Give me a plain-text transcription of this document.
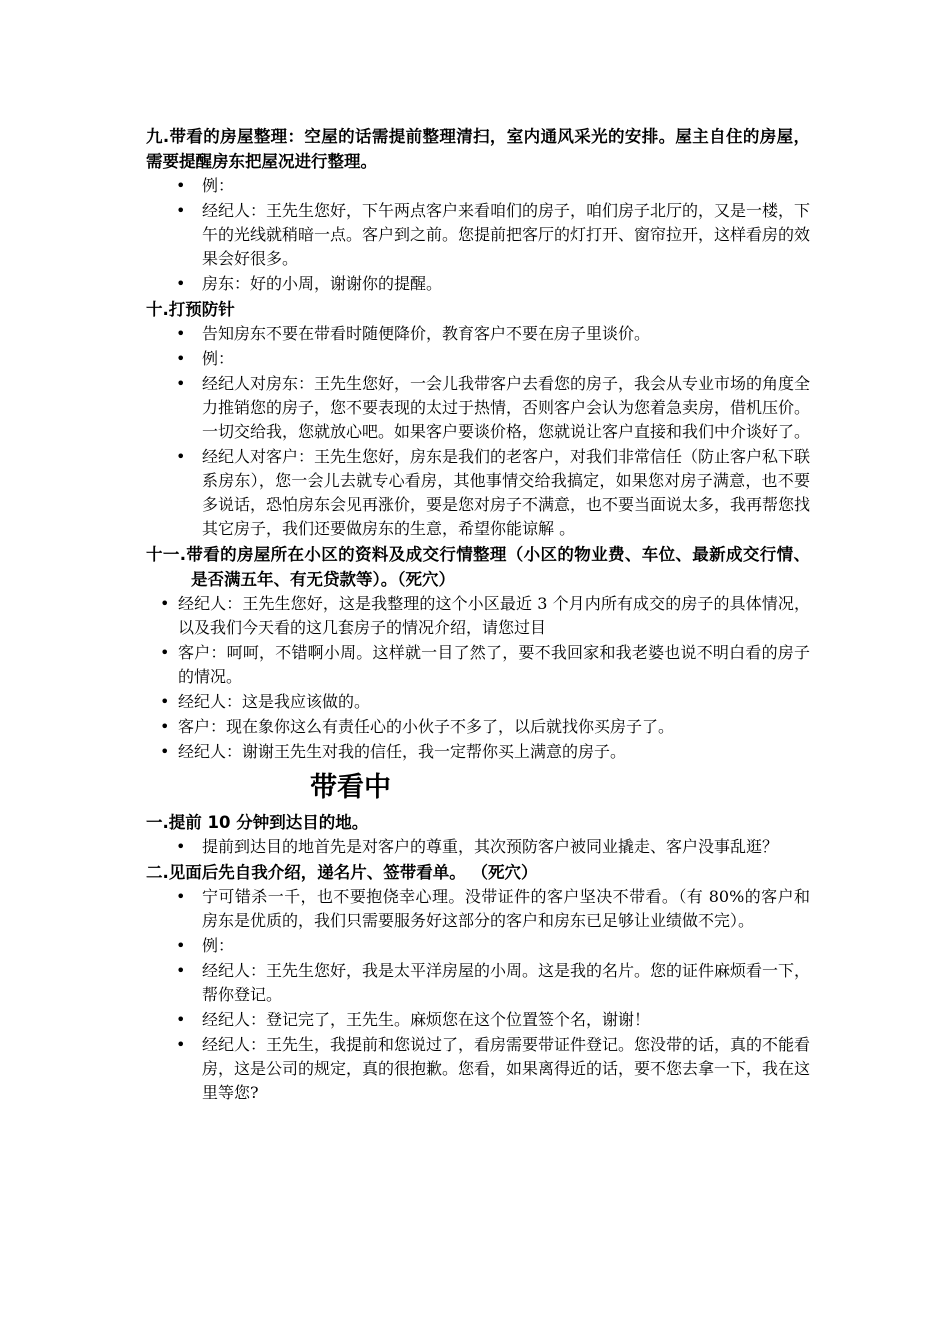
九.带看的房屋整理：空屋的话需提前整理清扫，室内通风采光的安排。屋主自住的房屋，需要提醒房东把屋况进行整理。

• 例：
• 经纪人：王先生您好，下午两点客户来看咱们的房子，咱们房子北厅的，又是一楼，下午的光线就稍暗一点。客户到之前。您提前把客厅的灯打开、窗帘拉开，这样看房的效果会好很多。
• 房东：好的小周，谢谢你的提醒。

十.打预防针

• 告知房东不要在带看时随便降价，教育客户不要在房子里谈价。
• 例：
• 经纪人对房东：王先生您好，一会儿我带客户去看您的房子，我会从专业市场的角度全力推销您的房子，您不要表现的太过于热情，否则客户会认为您着急卖房，借机压价。一切交给我，您就放心吧。如果客户要谈价格，您就说让客户直接和我们中介谈好了。
• 经纪人对客户：王先生您好，房东是我们的老客户，对我们非常信任（防止客户私下联系房东），您一会儿去就专心看房，其他事情交给我搞定，如果您对房子满意，也不要多说话，恐怕房东会见再涨价，要是您对房子不满意，也不要当面说太多，我再帮您找其它房子，我们还要做房东的生意，希望你能谅解 。

十一.带看的房屋所在小区的资料及成交行情整理（小区的物业费、车位、最新成交行情、是否满五年、有无贷款等）。（死穴）

• 经纪人：王先生您好，这是我整理的这个小区最近 3 个月内所有成交的房子的具体情况，以及我们今天看的这几套房子的情况介绍，请您过目
• 客户：呵呵，不错啊小周。这样就一目了然了，要不我回家和我老婆也说不明白看的房子的情况。
• 经纪人：这是我应该做的。
• 客户：现在象你这么有责任心的小伙子不多了，以后就找你买房子了。
• 经纪人：谢谢王先生对我的信任，我一定帮你买上满意的房子。
带看中

一.提前 10 分钟到达目的地。

• 提前到达目的地首先是对客户的尊重，其次预防客户被同业撬走、客户没事乱逛？

二.见面后先自我介绍，递名片、签带看单。 （死穴）

• 宁可错杀一千，也不要抱侥幸心理。没带证件的客户坚决不带看。（有 80%的客户和房东是优质的，我们只需要服务好这部分的客户和房东已足够让业绩做不完）。
• 例：
• 经纪人：王先生您好，我是太平洋房屋的小周。这是我的名片。您的证件麻烦看一下，帮你登记。
• 经纪人：登记完了，王先生。麻烦您在这个位置签个名，谢谢！
• 经纪人：王先生，我提前和您说过了，看房需要带证件登记。您没带的话，真的不能看房，这是公司的规定，真的很抱歉。您看，如果离得近的话，要不您去拿一下，我在这里等您?
